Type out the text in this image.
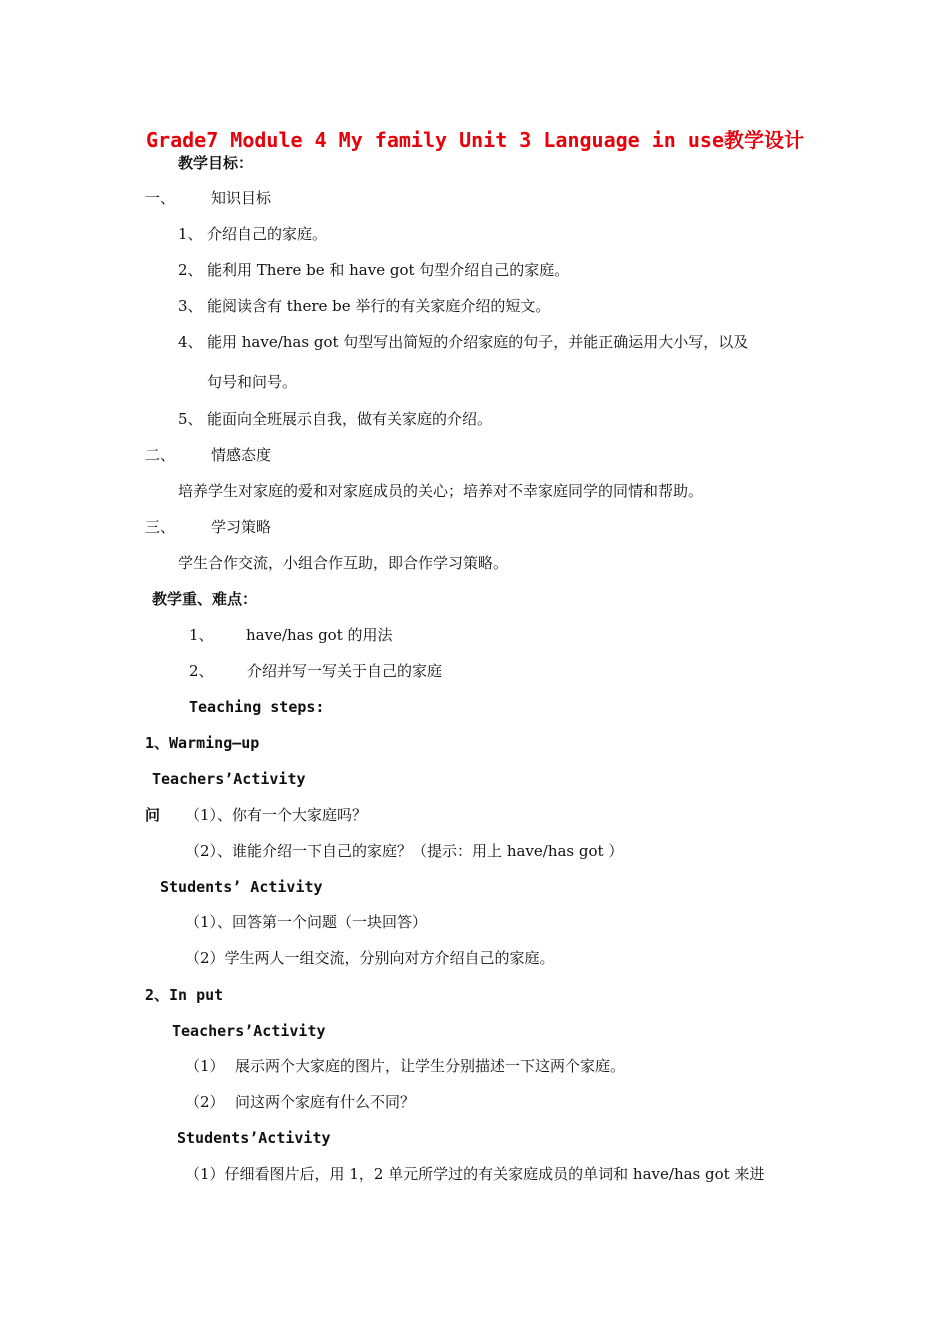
Grade7 Module 4 My family Unit 3 Language in use教学设计
教学目标：
一、 知识目标
1、 介绍自己的家庭。
2、 能利用 There be 和 have got 句型介绍自己的家庭。
3、 能阅读含有 there be 举行的有关家庭介绍的短文。
4、 能用 have/has got 句型写出简短的介绍家庭的句子，并能正确运用大小写，以及
句号和问号。
5、 能面向全班展示自我，做有关家庭的介绍。
二、 情感态度
培养学生对家庭的爱和对家庭成员的关心；培养对不幸家庭同学的同情和帮助。
三、 学习策略
学生合作交流，小组合作互助，即合作学习策略。
教学重、难点：
1、 have/has got 的用法
2、 介绍并写一写关于自己的家庭
Teaching steps:
1、Warming—up
Teachers’Activity
问 （1）、你有一个大家庭吗？
（2）、谁能介绍一下自己的家庭？（提示：用上 have/has got ）
Students’ Activity
（1）、回答第一个问题（一块回答）
（2）学生两人一组交流，分别向对方介绍自己的家庭。
2、In put
Teachers’Activity
（1） 展示两个大家庭的图片，让学生分别描述一下这两个家庭。
（2） 问这两个家庭有什么不同？
Students’Activity
（1）仔细看图片后，用 1，2 单元所学过的有关家庭成员的单词和 have/has got 来进
